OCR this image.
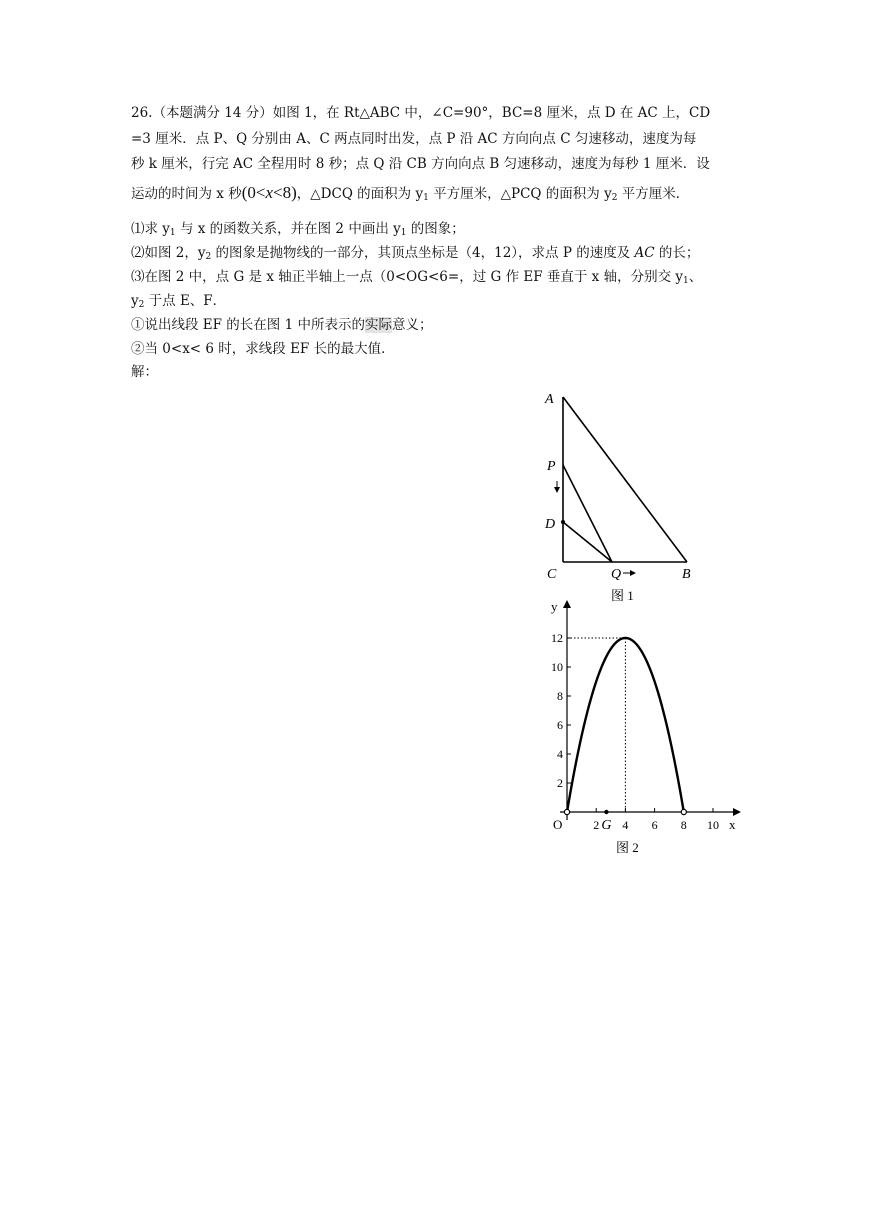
26.（本题满分 14 分）如图 1，在 Rt△ABC 中，∠C=90°，BC=8 厘米，点 D 在 AC 上，CD
=3 厘米．点 P、Q 分别由 A、C 两点同时出发，点 P 沿 AC 方向向点 C 匀速移动，速度为每
秒 k 厘米，行完 AC 全程用时 8 秒；点 Q 沿 CB 方向向点 B 匀速移动，速度为每秒 1 厘米．设
运动的时间为 x 秒(0<x<8)，△DCQ 的面积为 $y_1$ 平方厘米，△PCQ 的面积为 $y_2$ 平方厘米．
⑴求 $y_1$ 与 x 的函数关系，并在图 2 中画出 $y_1$ 的图象；
⑵如图 2，$y_2$ 的图象是抛物线的一部分，其顶点坐标是（4，12），求点 P 的速度及 AC 的长；
⑶在图 2 中，点 G 是 x 轴正半轴上一点（0<OG<6=，过 G 作 EF 垂直于 x 轴，分别交 $y_1$、
$y_2$ 于点 E、F．
①说出线段 EF 的长在图 1 中所表示的实际意义；
②当 0<x< 6 时，求线段 EF 长的最大值．
解：
A
P
D
C	Q	B
图 1
y
x
O
图 2
2
4
6
8
10
12
2 4 6 8 10
G
